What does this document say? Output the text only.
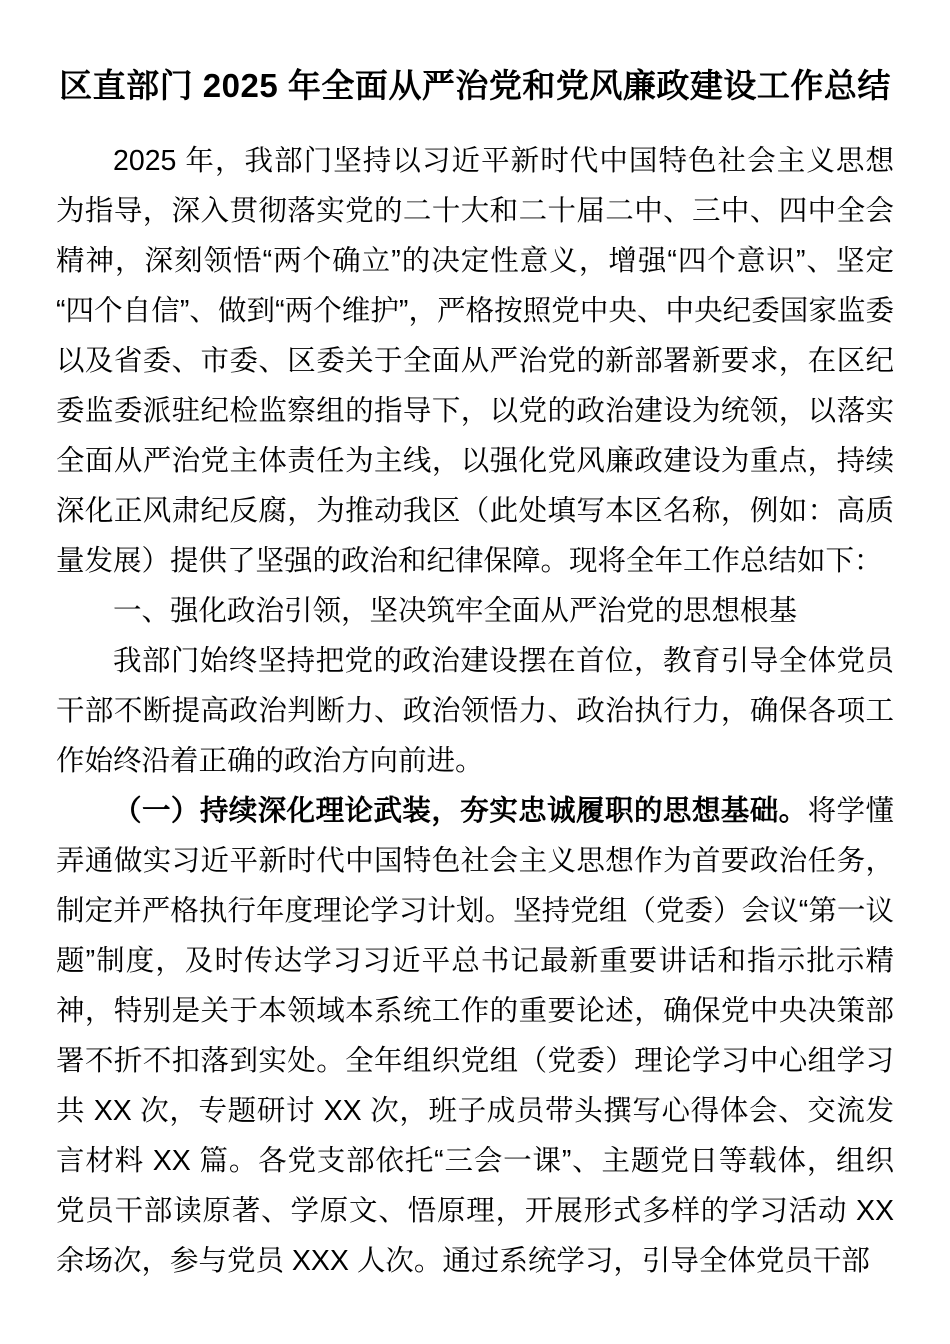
区直部门 2025 年全面从严治党和党风廉政建设工作总结

2025 年，我部门坚持以习近平新时代中国特色社会主义思想为指导，深入贯彻落实党的二十大和二十届二中、三中、四中全会精神，深刻领悟“两个确立”的决定性意义，增强“四个意识”、坚定“四个自信”、做到“两个维护”，严格按照党中央、中央纪委国家监委以及省委、市委、区委关于全面从严治党的新部署新要求，在区纪委监委派驻纪检监察组的指导下，以党的政治建设为统领，以落实全面从严治党主体责任为主线，以强化党风廉政建设为重点，持续深化正风肃纪反腐，为推动我区（此处填写本区名称，例如：高质量发展）提供了坚强的政治和纪律保障。现将全年工作总结如下：

一、强化政治引领，坚决筑牢全面从严治党的思想根基

我部门始终坚持把党的政治建设摆在首位，教育引导全体党员干部不断提高政治判断力、政治领悟力、政治执行力，确保各项工作始终沿着正确的政治方向前进。

（一）持续深化理论武装，夯实忠诚履职的思想基础。将学懂弄通做实习近平新时代中国特色社会主义思想作为首要政治任务，制定并严格执行年度理论学习计划。坚持党组（党委）会议“第一议题”制度，及时传达学习习近平总书记最新重要讲话和指示批示精神，特别是关于本领域本系统工作的重要论述，确保党中央决策部署不折不扣落到实处。全年组织党组（党委）理论学习中心组学习共 XX 次，专题研讨 XX 次，班子成员带头撰写心得体会、交流发言材料 XX 篇。各党支部依托“三会一课”、主题党日等载体，组织党员干部读原著、学原文、悟原理，开展形式多样的学习活动 XX 余场次，参与党员 XXX 人次。通过系统学习，引导全体党员干部
